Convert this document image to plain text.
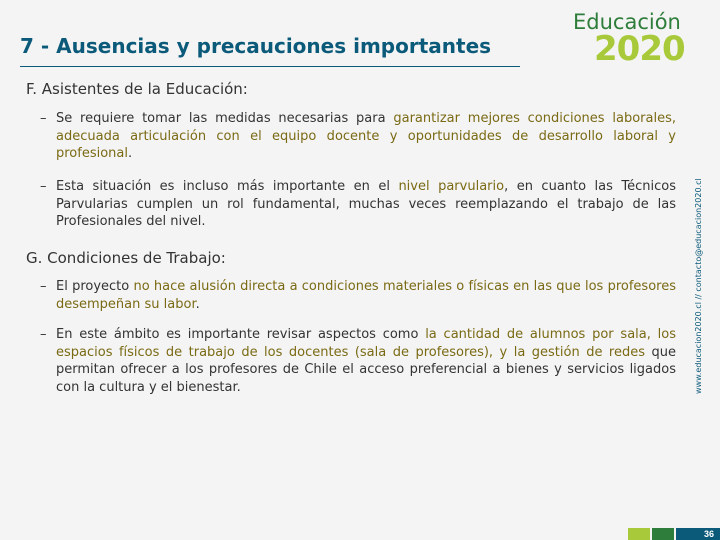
7 - Ausencias y precauciones importantes
Educación
2020
F. Asistentes de la Educación:
– Se requiere tomar las medidas necesarias para garantizar mejores condiciones laborales, adecuada articulación con el equipo docente y oportunidades de desarrollo laboral y profesional.
– Esta situación es incluso más importante en el nivel parvulario, en cuanto las Técnicos Parvularias cumplen un rol fundamental, muchas veces reemplazando el trabajo de las Profesionales del nivel.
G. Condiciones de Trabajo:
– El proyecto no hace alusión directa a condiciones materiales o físicas en las que los profesores desempeñan su labor.
– En este ámbito es importante revisar aspectos como la cantidad de alumnos por sala, los espacios físicos de trabajo de los docentes (sala de profesores), y la gestión de redes que permitan ofrecer a los profesores de Chile el acceso preferencial a bienes y servicios ligados con la cultura y el bienestar.	www.educacion2020.cl // contacto@educacion2020.cl
36
